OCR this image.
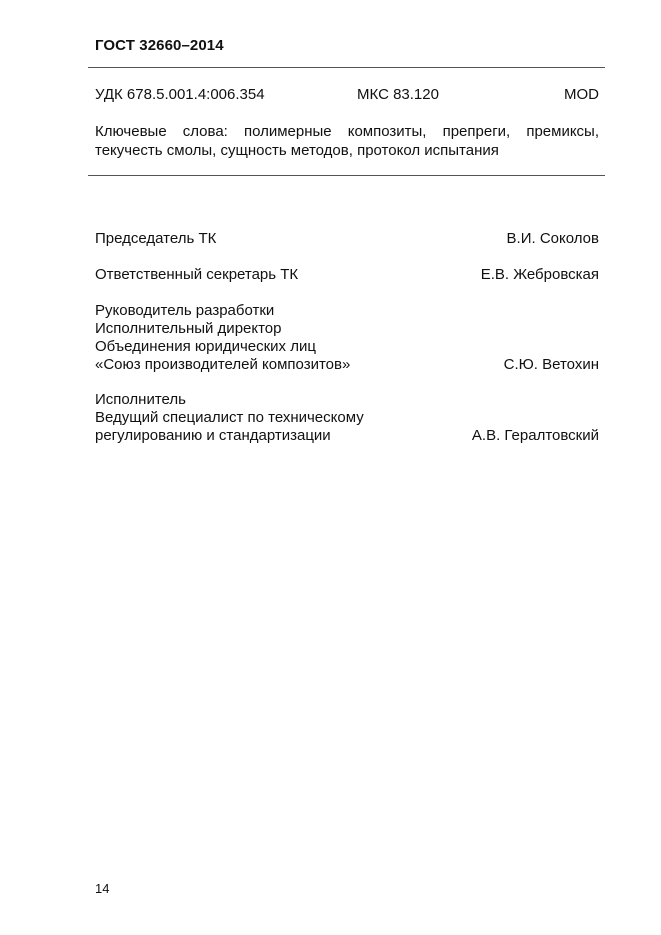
ГОСТ 32660–2014
УДК 678.5.001.4:006.354	МКС 83.120	MOD
Ключевые слова: полимерные композиты, препреги, премиксы, текучесть смолы, сущность методов, протокол испытания
Председатель ТК	В.И. Соколов
Ответственный секретарь ТК	Е.В. Жебровская
Руководитель разработки
Исполнительный директор
Объединения юридических лиц
«Союз производителей композитов»	С.Ю. Ветохин
Исполнитель
Ведущий специалист по техническому
регулированию и стандартизации	А.В. Гералтовский
14
